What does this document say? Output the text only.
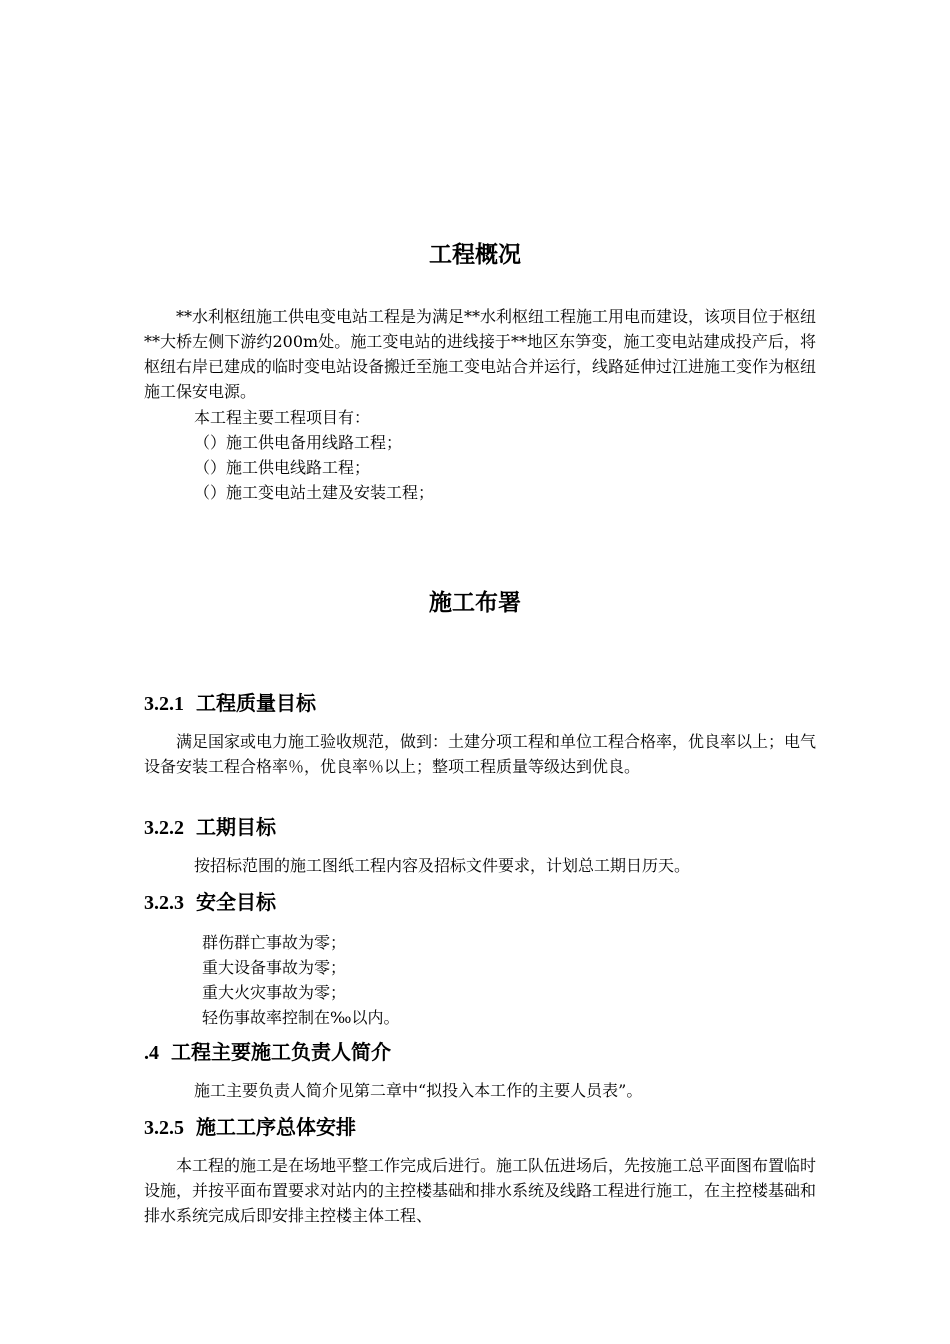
工程概况

**水利枢纽施工供电变电站工程是为满足**水利枢纽工程施工用电而建设，该项目位于枢纽**大桥左侧下游约200m处。施工变电站的进线接于**地区东笋变，施工变电站建成投产后，将枢纽右岸已建成的临时变电站设备搬迁至施工变电站合并运行，线路延伸过江进施工变作为枢纽施工保安电源。

本工程主要工程项目有：

（）施工供电备用线路工程；

（）施工供电线路工程；

（）施工变电站土建及安装工程；

施工布署
3.2.1 工程质量目标

满足国家或电力施工验收规范，做到：土建分项工程和单位工程合格率，优良率以上；电气设备安装工程合格率％，优良率％以上；整项工程质量等级达到优良。

3.2.2 工期目标

按招标范围的施工图纸工程内容及招标文件要求，计划总工期日历天。

3.2.3 安全目标

群伤群亡事故为零；

重大设备事故为零；

重大火灾事故为零；

轻伤事故率控制在‰以内。

.4 工程主要施工负责人简介

施工主要负责人简介见第二章中“拟投入本工作的主要人员表”。

3.2.5 施工工序总体安排

本工程的施工是在场地平整工作完成后进行。施工队伍进场后，先按施工总平面图布置临时设施，并按平面布置要求对站内的主控楼基础和排水系统及线路工程进行施工，在主控楼基础和排水系统完成后即安排主控楼主体工程、
